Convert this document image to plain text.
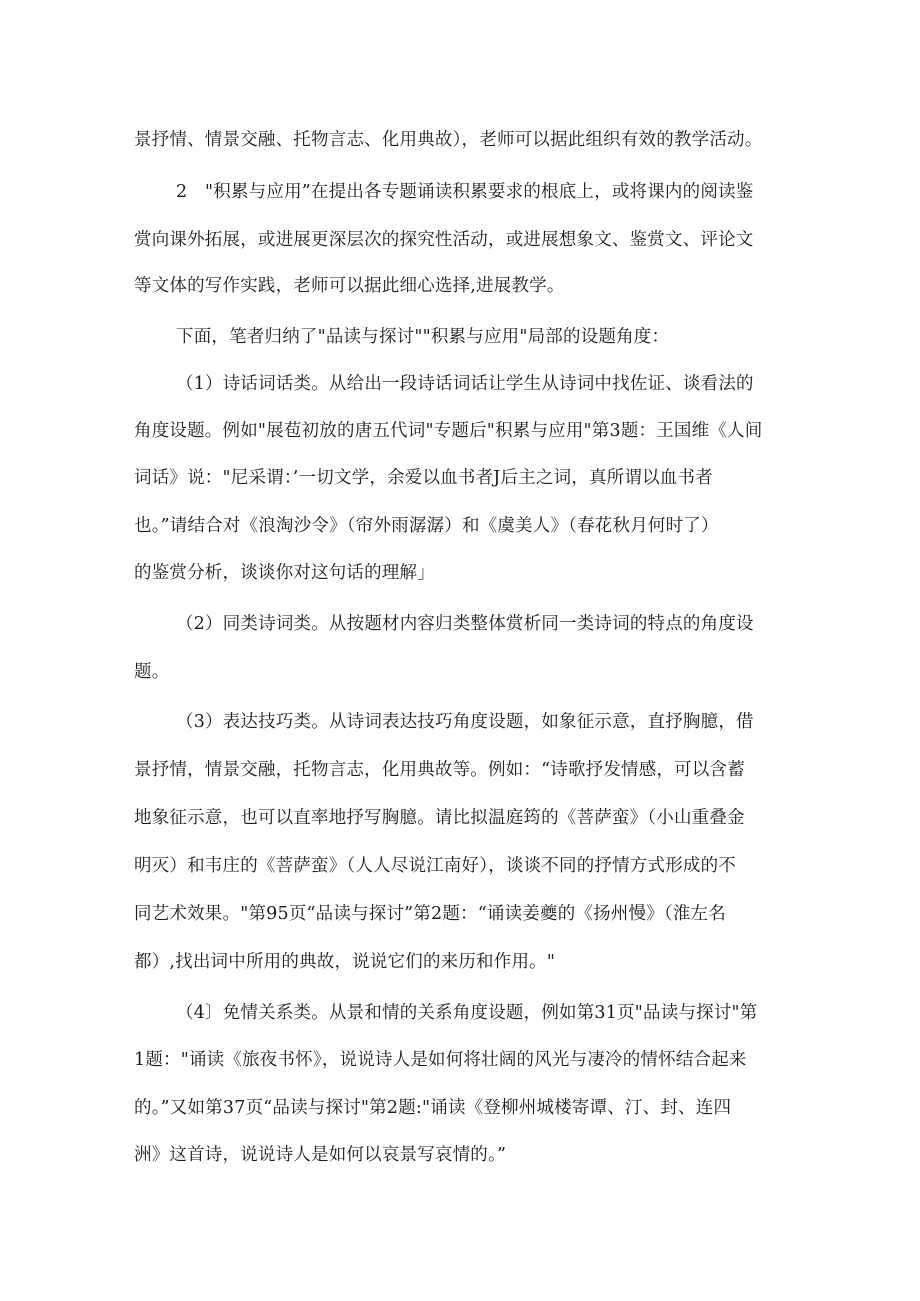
景抒情、情景交融、托物言志、化用典故），老师可以据此组织有效的教学活动。
2　"积累与应用”在提出各专题诵读积累要求的根底上，或将课内的阅读鉴
赏向课外拓展，或进展更深层次的探究性活动，或进展想象文、鉴赏文、评论文
等文体的写作实践，老师可以据此细心选择,进展教学。
下面，笔者归纳了"品读与探讨""积累与应用"局部的设题角度：
（1）诗话词话类。从给出一段诗话词话让学生从诗词中找佐证、谈看法的
角度设题。例如"展苞初放的唐五代词"专题后"积累与应用"第3题：王国维《人间
词话》说："尼采谓：’一切文学，余爱以血书者J后主之词，真所谓以血书者
也。”请结合对《浪淘沙令》（帘外雨潺潺）和《虞美人》（春花秋月何时了）
的鉴赏分析，谈谈你对这句话的理解」
（2）同类诗词类。从按题材内容归类整体赏析同一类诗词的特点的角度设
题。
（3）表达技巧类。从诗词表达技巧角度设题，如象征示意，直抒胸臆，借
景抒情，情景交融，托物言志，化用典故等。例如：“诗歌抒发情感，可以含蓄
地象征示意，也可以直率地抒写胸臆。请比拟温庭筠的《菩萨蛮》（小山重叠金
明灭）和韦庄的《菩萨蛮》（人人尽说江南好），谈谈不同的抒情方式形成的不
同艺术效果。"第95页“品读与探讨”第2题：“诵读姜夔的《扬州慢》（淮左名
都）,找出词中所用的典故，说说它们的来历和作用。"
（4〕免情关系类。从景和情的关系角度设题，例如第31页"品读与探讨"第
1题："诵读《旅夜书怀》，说说诗人是如何将壮阔的风光与凄冷的情怀结合起来
的。”又如第37页“品读与探讨"第2题:"诵读《登柳州城楼寄谭、汀、封、连四
洲》这首诗，说说诗人是如何以哀景写哀情的。”
